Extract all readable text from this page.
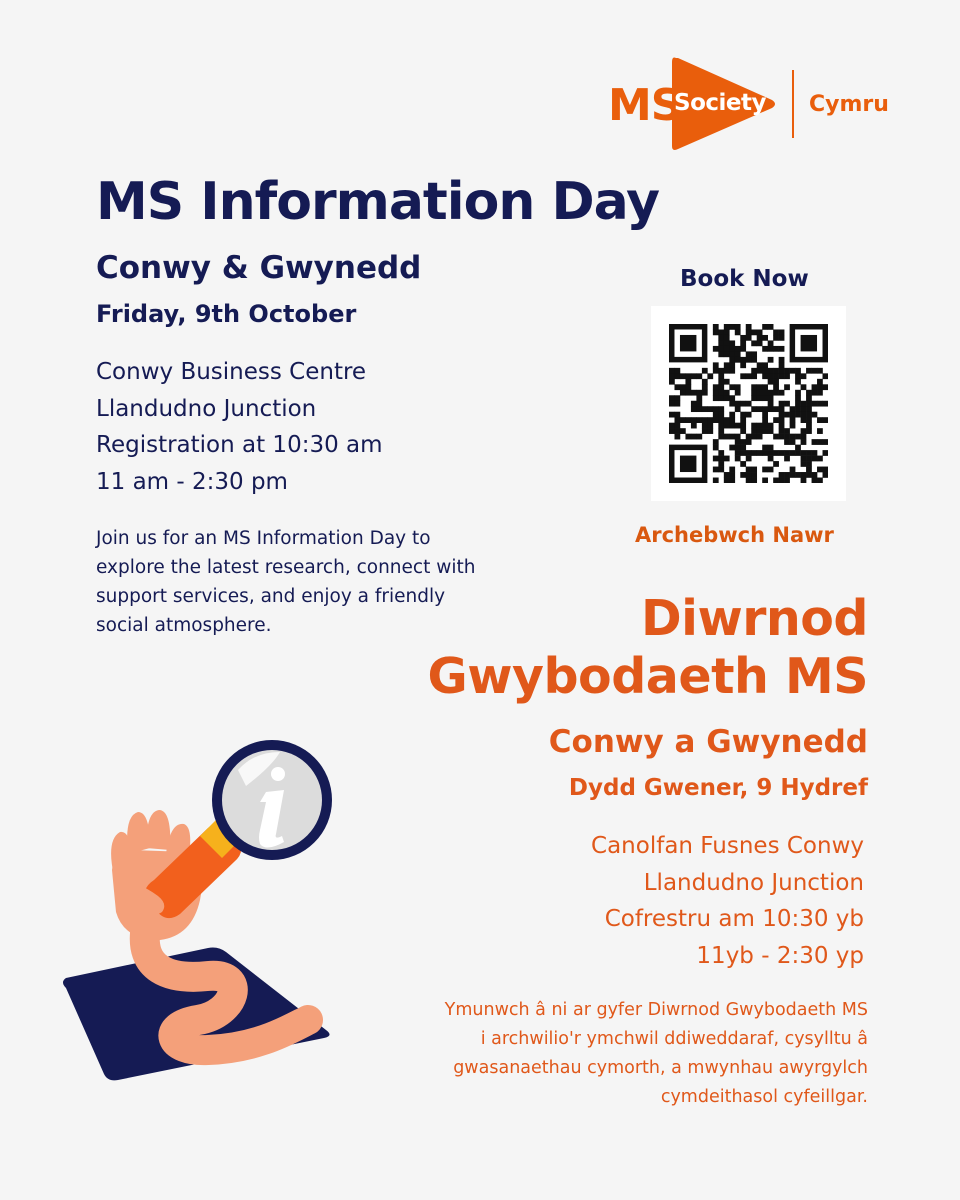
MS
Society Cymru
MS Information Day
Conwy & Gwynedd
Friday, 9th October
Conwy Business Centre
Llandudno Junction
Registration at 10:30 am
11 am - 2:30 pm

Join us for an MS Information Day to explore the latest research, connect with support services, and enjoy a friendly social atmosphere.

Book Now
Archebwch Nawr
Diwrnod
Gwybodaeth MS
Conwy a Gwynedd
Dydd Gwener, 9 Hydref
Canolfan Fusnes Conwy
Llandudno Junction
Cofrestru am 10:30 yb
11yb - 2:30 yp
Ymunwch â ni ar gyfer Diwrnod Gwybodaeth MS
i archwilio'r ymchwil ddiweddaraf, cysylltu â
gwasanaethau cymorth, a mwynhau awyrgylch
cymdeithasol cyfeillgar.
